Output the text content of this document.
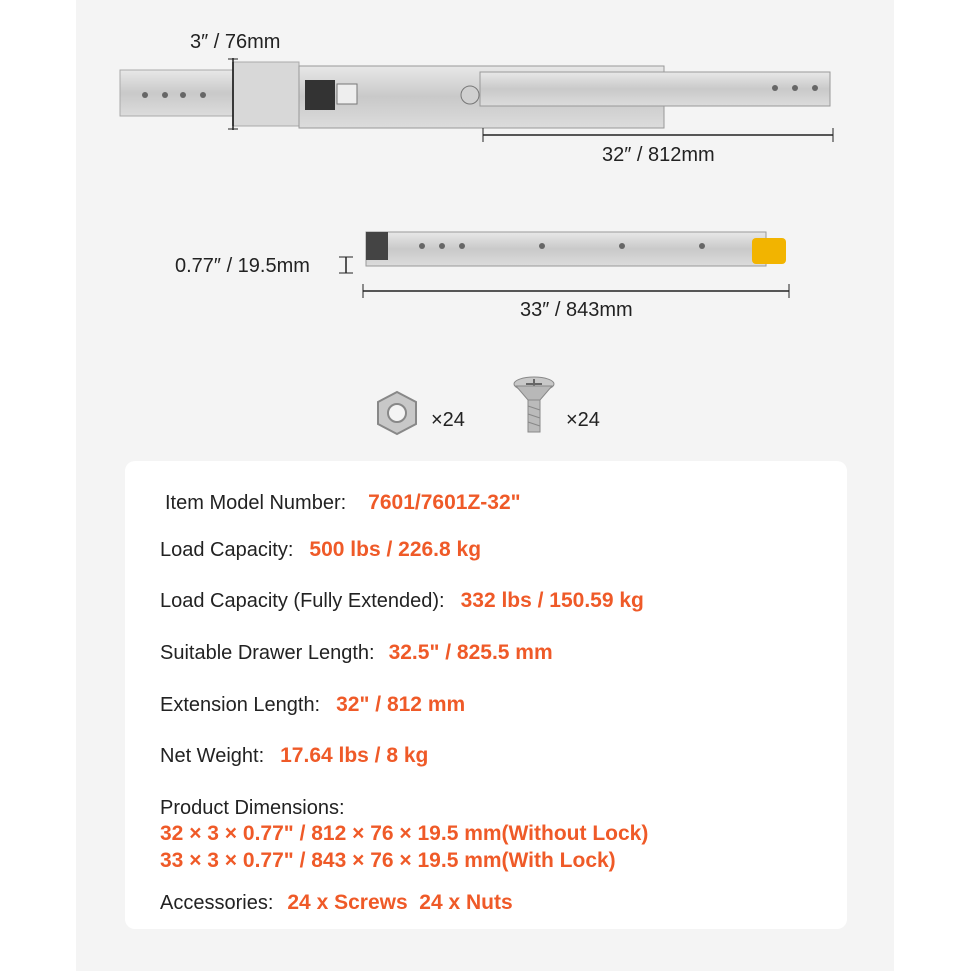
3″ / 76mm
32″ / 812mm
0.77″ / 19.5mm
33″ / 843mm
×24	×24
Item Model Number: 7601/7601Z-32"
Load Capacity: 500 lbs / 226.8 kg
Load Capacity (Fully Extended): 332 lbs / 150.59 kg
Suitable Drawer Length: 32.5" / 825.5 mm
Extension Length: 32" / 812 mm
Net Weight: 17.64 lbs / 8 kg
Product Dimensions:
32 × 3 × 0.77" / 812 × 76 × 19.5 mm(Without Lock)
33 × 3 × 0.77" / 843 × 76 × 19.5 mm(With Lock)
Accessories: 24 x Screws  24 x Nuts
